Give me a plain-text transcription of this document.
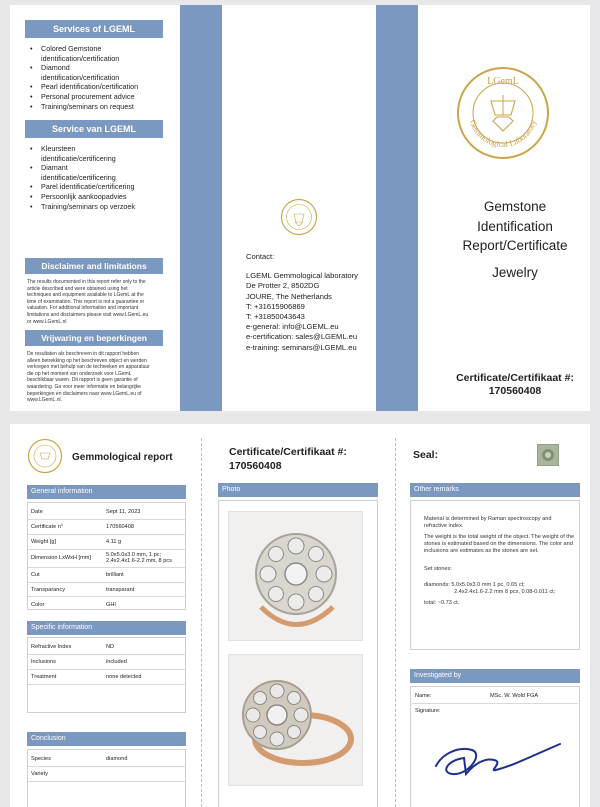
Services of LGEML
• Colored Gemstone
identification/certification
• Diamond
identification/certification
• Pearl identification/certification
• Personal procurement advice
• Training/seminars on request
Service van LGEML
• Kleursteen
identificatie/certificering
• Diamant
identificatie/certificering
• Parel identificatie/certificering
• Persoonlijk aankoopadvies
• Training/seminars op verzoek
Disclaimer and limitations
The results documented in this report refer only to the
article described and were obtained using het
techniques and equipment available to LGemL at the
time of examination. This report is not a guarantee or
valuation. For additional information and important
limitations and disclaimers please visit www.LGemL.eu
or www.LGemL.nl
Vrijwaring en beperkingen
De resultaten als beschreven in dit rapport hebben
alleen betrekking op het beschreven object en werden
verkregen met behulp van de technieken en apparatuur
die op het moment van onderzoek voor LGemL
beschikbaar waren. Dit rapport is geen garantie of
waardering. Ga voor meer informatie en belangrijke
beperkingen en disclaimers naar www.LGemL.eu of
www.LGemL.nl.
Contact:
LGEML Gemmological laboratory
De Protter 2, 8502DG
JOURE, The Netherlands
T: +31615906869
T: +31850043643
e-general: info@LGEML.eu
e-certification: sales@LGEML.eu
e-training: seminars@LGEML.eu
LGemL
Gemmological Laboratory
Gemstone
Identification
Report/Certificate
Jewelry
Certificate/Certifikaat #:
170560408
Gemmological report	Certificate/Certifikaat #:
170560408
Seal:
General information
Date	Sept 11, 2023
Certificate n°	170560408
Weight [g]	4.11 g
Dimension LxWxH [mm]	5.0x5.0x3.0 mm, 1 pc; 2.4x2.4x1.6-2.2 mm, 8 pcs
Cut	brilliant
Transparancy	transparant
Color	GHI
Specific information
Refractive Index	ND
Inclusions	included
Treatment	none detected
Conclusion
Species	diamond
Variety	
Photo	Other remarks
Material is determined by Raman spectroscopy and refractive index.
The weight is the total weight of the object. The weight of the stones is estimated based on the dimensions. The color and inclusions are estimates as the stones are set.
Set stones:
diamonds: 5.0x5.0x3.0 mm 1 pc, 0.65 ct;
2.4x2.4x1.6-2.2 mm 8 pcs, 0.08-0.011 ct;
total: ~0.73 ct.
Investigated by
Name:	MSc. W. Wold FGA
Signature:	
